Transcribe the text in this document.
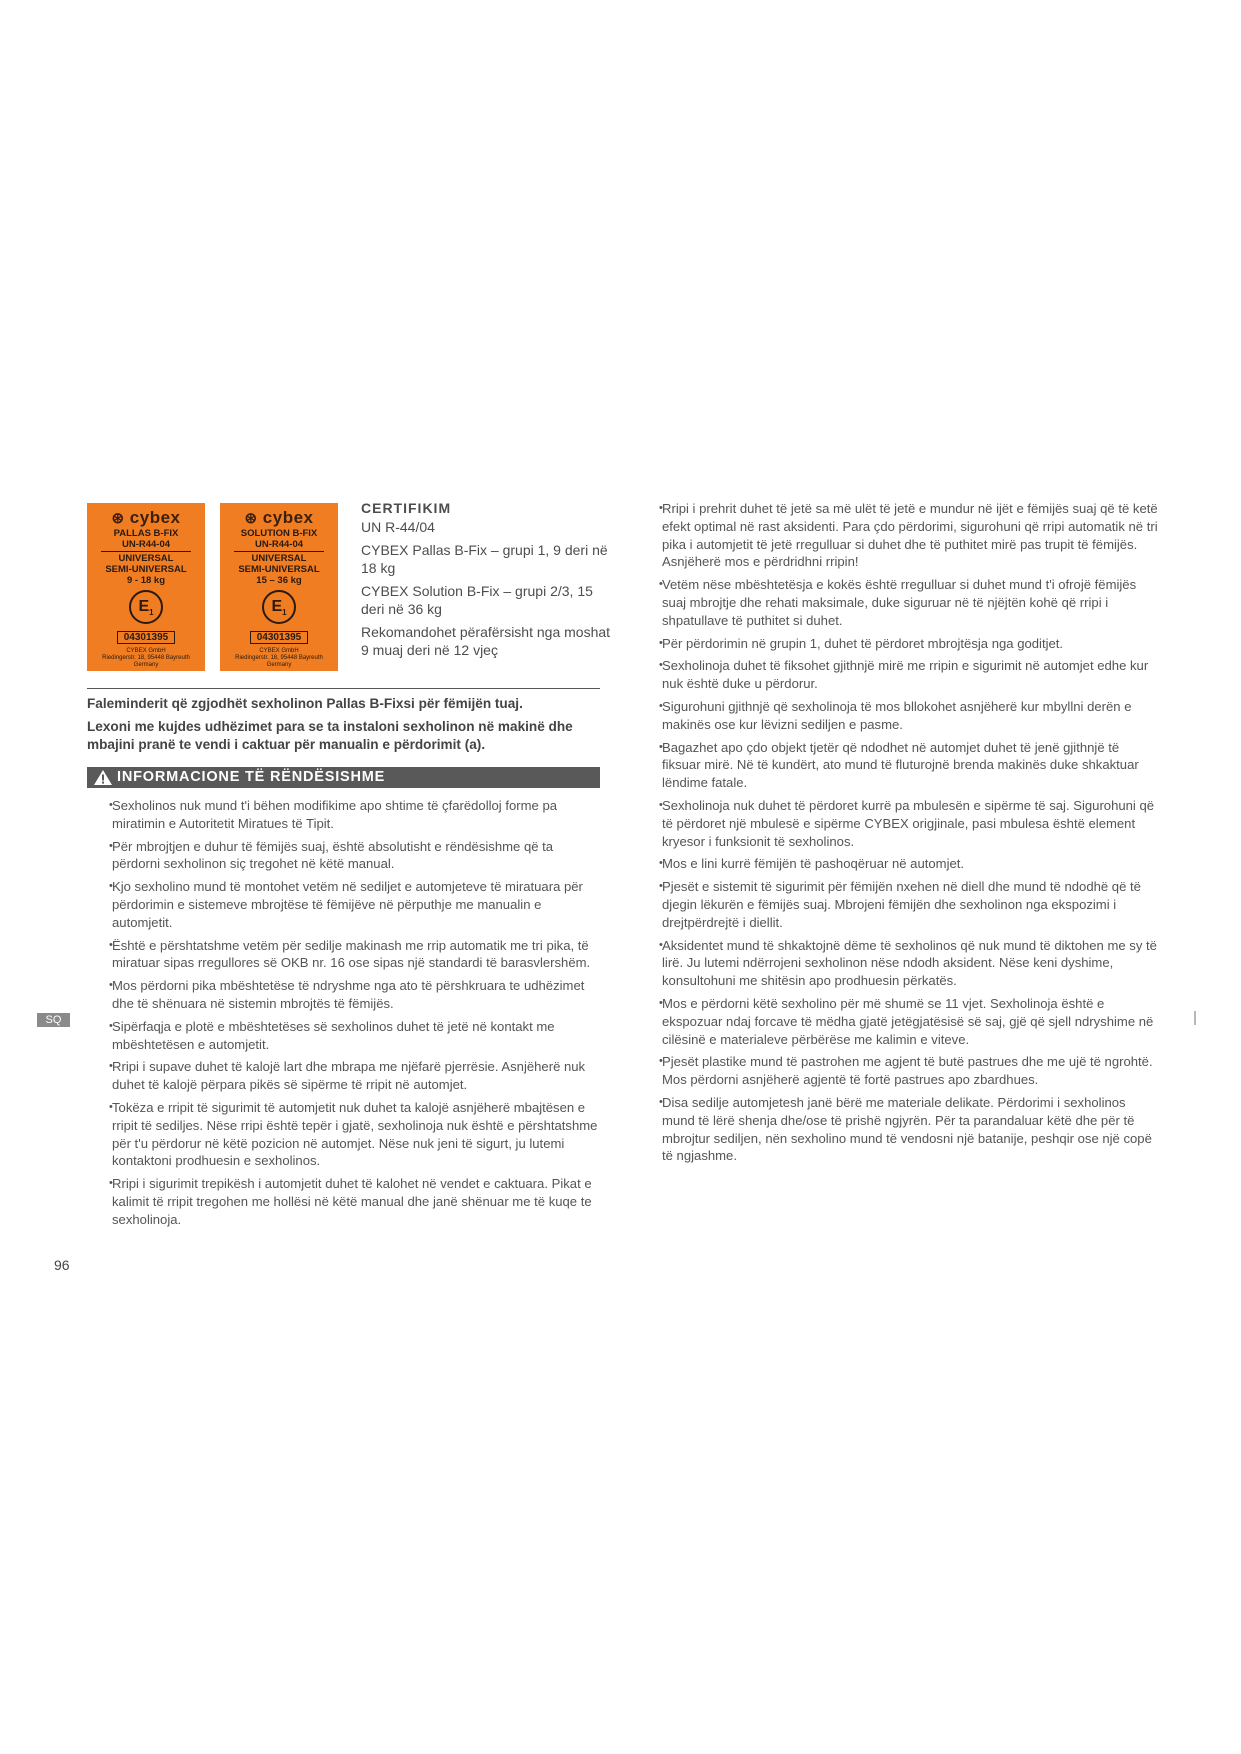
⊛ cybex
PALLAS B-FIX
UN-R44-04
UNIVERSAL
SEMI-UNIVERSAL
9 - 18 kg
$E_1$
04301395
CYBEX GmbH
Riedingerstr. 18, 95448 Bayreuth
Germany
⊛ cybex
SOLUTION B-FIX
UN-R44-04
UNIVERSAL
SEMI-UNIVERSAL
15 – 36 kg
$E_1$
04301395
CYBEX GmbH
Riedingerstr. 18, 95448 Bayreuth
Germany
CERTIFIKIM
UN R-44/04
CYBEX Pallas B-Fix – grupi 1, 9 deri në 18 kg
CYBEX Solution B-Fix – grupi 2/3, 15 deri në 36 kg
Rekomandohet përafërsisht nga moshat 9 muaj deri në 12 vjeç

Faleminderit që zgjodhët sexholinon Pallas B-Fixsi për fëmijën tuaj.

Lexoni me kujdes udhëzimet para se ta instaloni sexholinon në makinë dhe mbajini pranë te vendi i caktuar për manualin e përdorimit (a).

INFORMACIONE TË RËNDËSISHME
• Sexholinos nuk mund t'i bëhen modifikime apo shtime të çfarëdolloj forme pa miratimin e Autoritetit Miratues të Tipit.
• Për mbrojtjen e duhur të fëmijës suaj, është absolutisht e rëndësishme që ta përdorni sexholinon siç tregohet në këtë manual.
• Kjo sexholino mund të montohet vetëm në sediljet e automjeteve të miratuara për përdorimin e sistemeve mbrojtëse të fëmijëve në përputhje me manualin e automjetit.
• Është e përshtatshme vetëm për sedilje makinash me rrip automatik me tri pika, të miratuar sipas rregullores së OKB nr. 16 ose sipas një standardi të barasvlershëm.
• Mos përdorni pika mbështetëse të ndryshme nga ato të përshkruara te udhëzimet dhe të shënuara në sistemin mbrojtës të fëmijës.
• Sipërfaqja e plotë e mbështetëses së sexholinos duhet të jetë në kontakt me mbështetësen e automjetit.
• Rripi i supave duhet të kalojë lart dhe mbrapa me njëfarë pjerrësie. Asnjëherë nuk duhet të kalojë përpara pikës së sipërme të rripit në automjet.
• Tokëza e rripit të sigurimit të automjetit nuk duhet ta kalojë asnjëherë mbajtësen e rripit të sediljes. Nëse rripi është tepër i gjatë, sexholinoja nuk është e përshtatshme për t'u përdorur në këtë pozicion në automjet. Nëse nuk jeni të sigurt, ju lutemi kontaktoni prodhuesin e sexholinos.
• Rripi i sigurimit trepikësh i automjetit duhet të kalohet në vendet e caktuara. Pikat e kalimit të rripit tregohen me hollësi në këtë manual dhe janë shënuar me të kuqe te sexholinoja.
• Rripi i prehrit duhet të jetë sa më ulët të jetë e mundur në ijët e fëmijës suaj që të ketë efekt optimal në rast aksidenti. Para çdo përdorimi, sigurohuni që rripi automatik në tri pika i automjetit të jetë rregulluar si duhet dhe të puthitet mirë pas trupit të fëmijës. Asnjëherë mos e përdridhni rripin!
• Vetëm nëse mbështetësja e kokës është rregulluar si duhet mund t'i ofrojë fëmijës suaj mbrojtje dhe rehati maksimale, duke siguruar në të njëjtën kohë që rripi i shpatullave të puthitet si duhet.
• Për përdorimin në grupin 1, duhet të përdoret mbrojtësja nga goditjet.
• Sexholinoja duhet të fiksohet gjithnjë mirë me rripin e sigurimit në automjet edhe kur nuk është duke u përdorur.
• Sigurohuni gjithnjë që sexholinoja të mos bllokohet asnjëherë kur mbyllni derën e makinës ose kur lëvizni sediljen e pasme.
• Bagazhet apo çdo objekt tjetër që ndodhet në automjet duhet të jenë gjithnjë të fiksuar mirë. Në të kundërt, ato mund të fluturojnë brenda makinës duke shkaktuar lëndime fatale.
• Sexholinoja nuk duhet të përdoret kurrë pa mbulesën e sipërme të saj. Sigurohuni që të përdoret një mbulesë e sipërme CYBEX origjinale, pasi mbulesa është element kryesor i funksionit të sexholinos.
• Mos e lini kurrë fëmijën të pashoqëruar në automjet.
• Pjesët e sistemit të sigurimit për fëmijën nxehen në diell dhe mund të ndodhë që të djegin lëkurën e fëmijës suaj. Mbrojeni fëmijën dhe sexholinon nga ekspozimi i drejtpërdrejtë i diellit.
• Aksidentet mund të shkaktojnë dëme të sexholinos që nuk mund të diktohen me sy të lirë. Ju lutemi ndërrojeni sexholinon nëse ndodh aksident. Nëse keni dyshime, konsultohuni me shitësin apo prodhuesin përkatës.
• Mos e përdorni këtë sexholino për më shumë se 11 vjet. Sexholinoja është e ekspozuar ndaj forcave të mëdha gjatë jetëgjatësisë së saj, gjë që sjell ndryshime në cilësinë e materialeve përbërëse me kalimin e viteve.
• Pjesët plastike mund të pastrohen me agjent të butë pastrues dhe me ujë të ngrohtë. Mos përdorni asnjëherë agjentë të fortë pastrues apo zbardhues.
• Disa sedilje automjetesh janë bërë me materiale delikate. Përdorimi i sexholinos mund të lërë shenja dhe/ose të prishë ngjyrën. Për ta parandaluar këtë dhe për të mbrojtur sediljen, nën sexholino mund të vendosni një batanije, peshqir ose një copë të ngjashme.
SQ
96
